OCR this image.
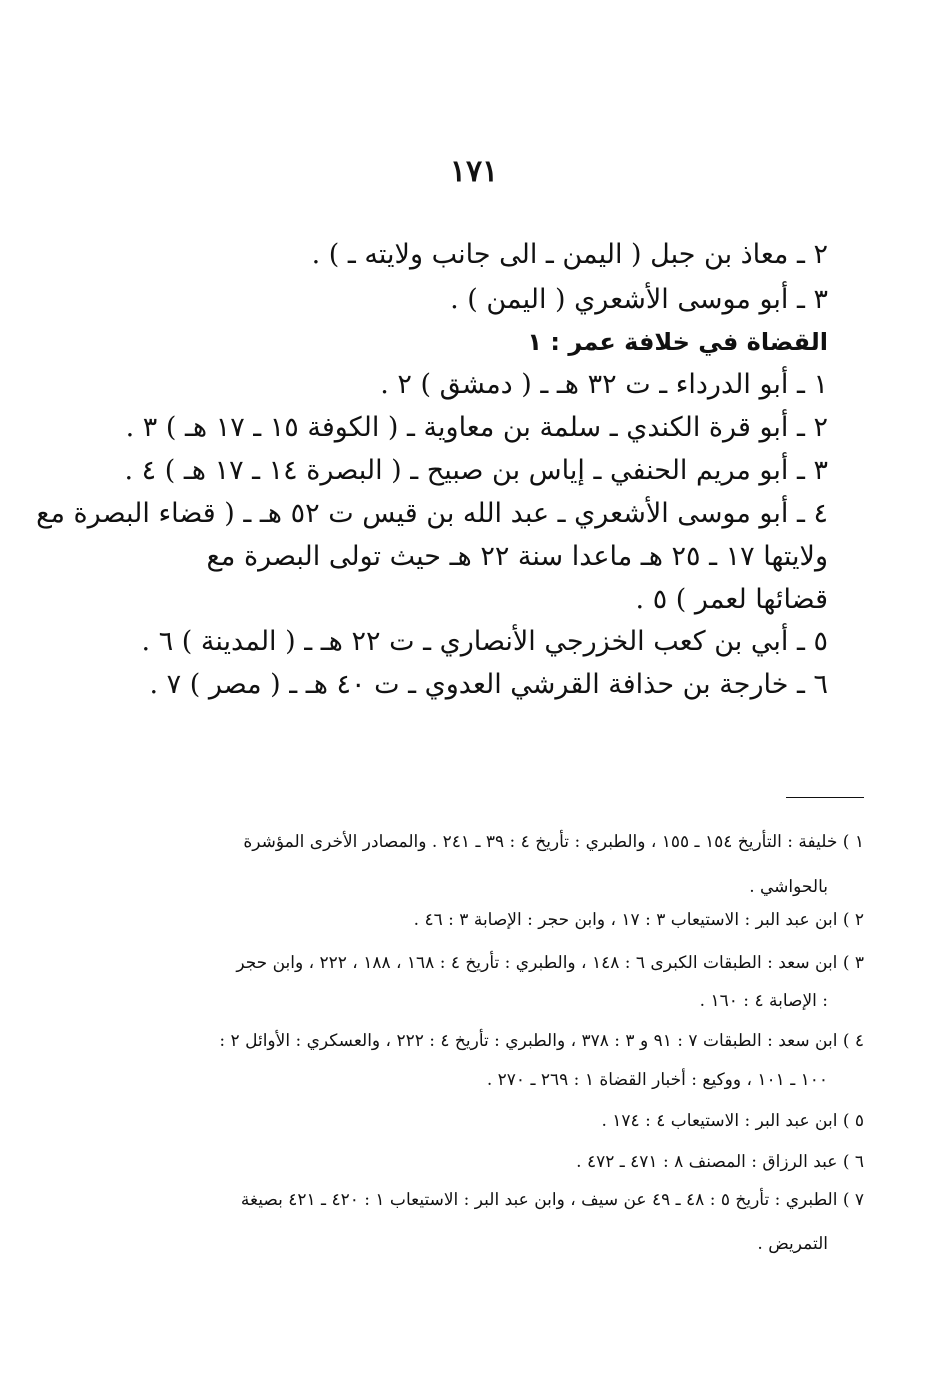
١٧١
٢ ـ معاذ بن جبل ( اليمن ـ الى جانب ولايته ـ ) .
٣ ـ أبو موسى الأشعري ( اليمن ) .
القضاة في خلافة عمر : ١
١ ـ أبو الدرداء ـ ت ٣٢ هـ ـ ( دمشق ) ٢ .
٢ ـ أبو قرة الكندي ـ سلمة بن معاوية ـ ( الكوفة ١٥ ـ ١٧ هـ ) ٣ .
٣ ـ أبو مريم الحنفي ـ إياس بن صبيح ـ ( البصرة ١٤ ـ ١٧ هـ ) ٤ .
٤ ـ أبو موسى الأشعري ـ عبد الله بن قيس ت ٥٢ هـ ـ ( قضاء البصرة مع
ولايتها ١٧ ـ ٢٥ هـ ماعدا سنة ٢٢ هـ حيث تولى البصرة مع
قضائها لعمر ) ٥ .
٥ ـ أبي بن كعب الخزرجي الأنصاري ـ ت ٢٢ هـ ـ ( المدينة ) ٦ .
٦ ـ خارجة بن حذافة القرشي العدوي ـ ت ٤٠ هـ ـ ( مصر ) ٧ .
١ ) خليفة : التأريخ ١٥٤ ـ ١٥٥ ، والطبري : تأريخ ٤ : ٣٩ ـ ٢٤١ . والمصادر الأخرى المؤشرة
بالحواشي .
٢ ) ابن عبد البر : الاستيعاب ٣ : ١٧ ، وابن حجر : الإصابة ٣ : ٤٦ .
٣ ) ابن سعد : الطبقات الكبرى ٦ : ١٤٨ ، والطبري : تأريخ ٤ : ١٦٨ ، ١٨٨ ، ٢٢٢ ، وابن حجر
: الإصابة ٤ : ١٦٠ .
٤ ) ابن سعد : الطبقات ٧ : ٩١ و ٣ : ٣٧٨ ، والطبري : تأريخ ٤ : ٢٢٢ ، والعسكري : الأوائل ٢ :
١٠٠ ـ ١٠١ ، ووكيع : أخبار القضاة ١ : ٢٦٩ ـ ٢٧٠ .
٥ ) ابن عبد البر : الاستيعاب ٤ : ١٧٤ .
٦ ) عبد الرزاق : المصنف ٨ : ٤٧١ ـ ٤٧٢ .
٧ ) الطبري : تأريخ ٥ : ٤٨ ـ ٤٩ عن سيف ، وابن عبد البر : الاستيعاب ١ : ٤٢٠ ـ ٤٢١ بصيغة
التمريض .
